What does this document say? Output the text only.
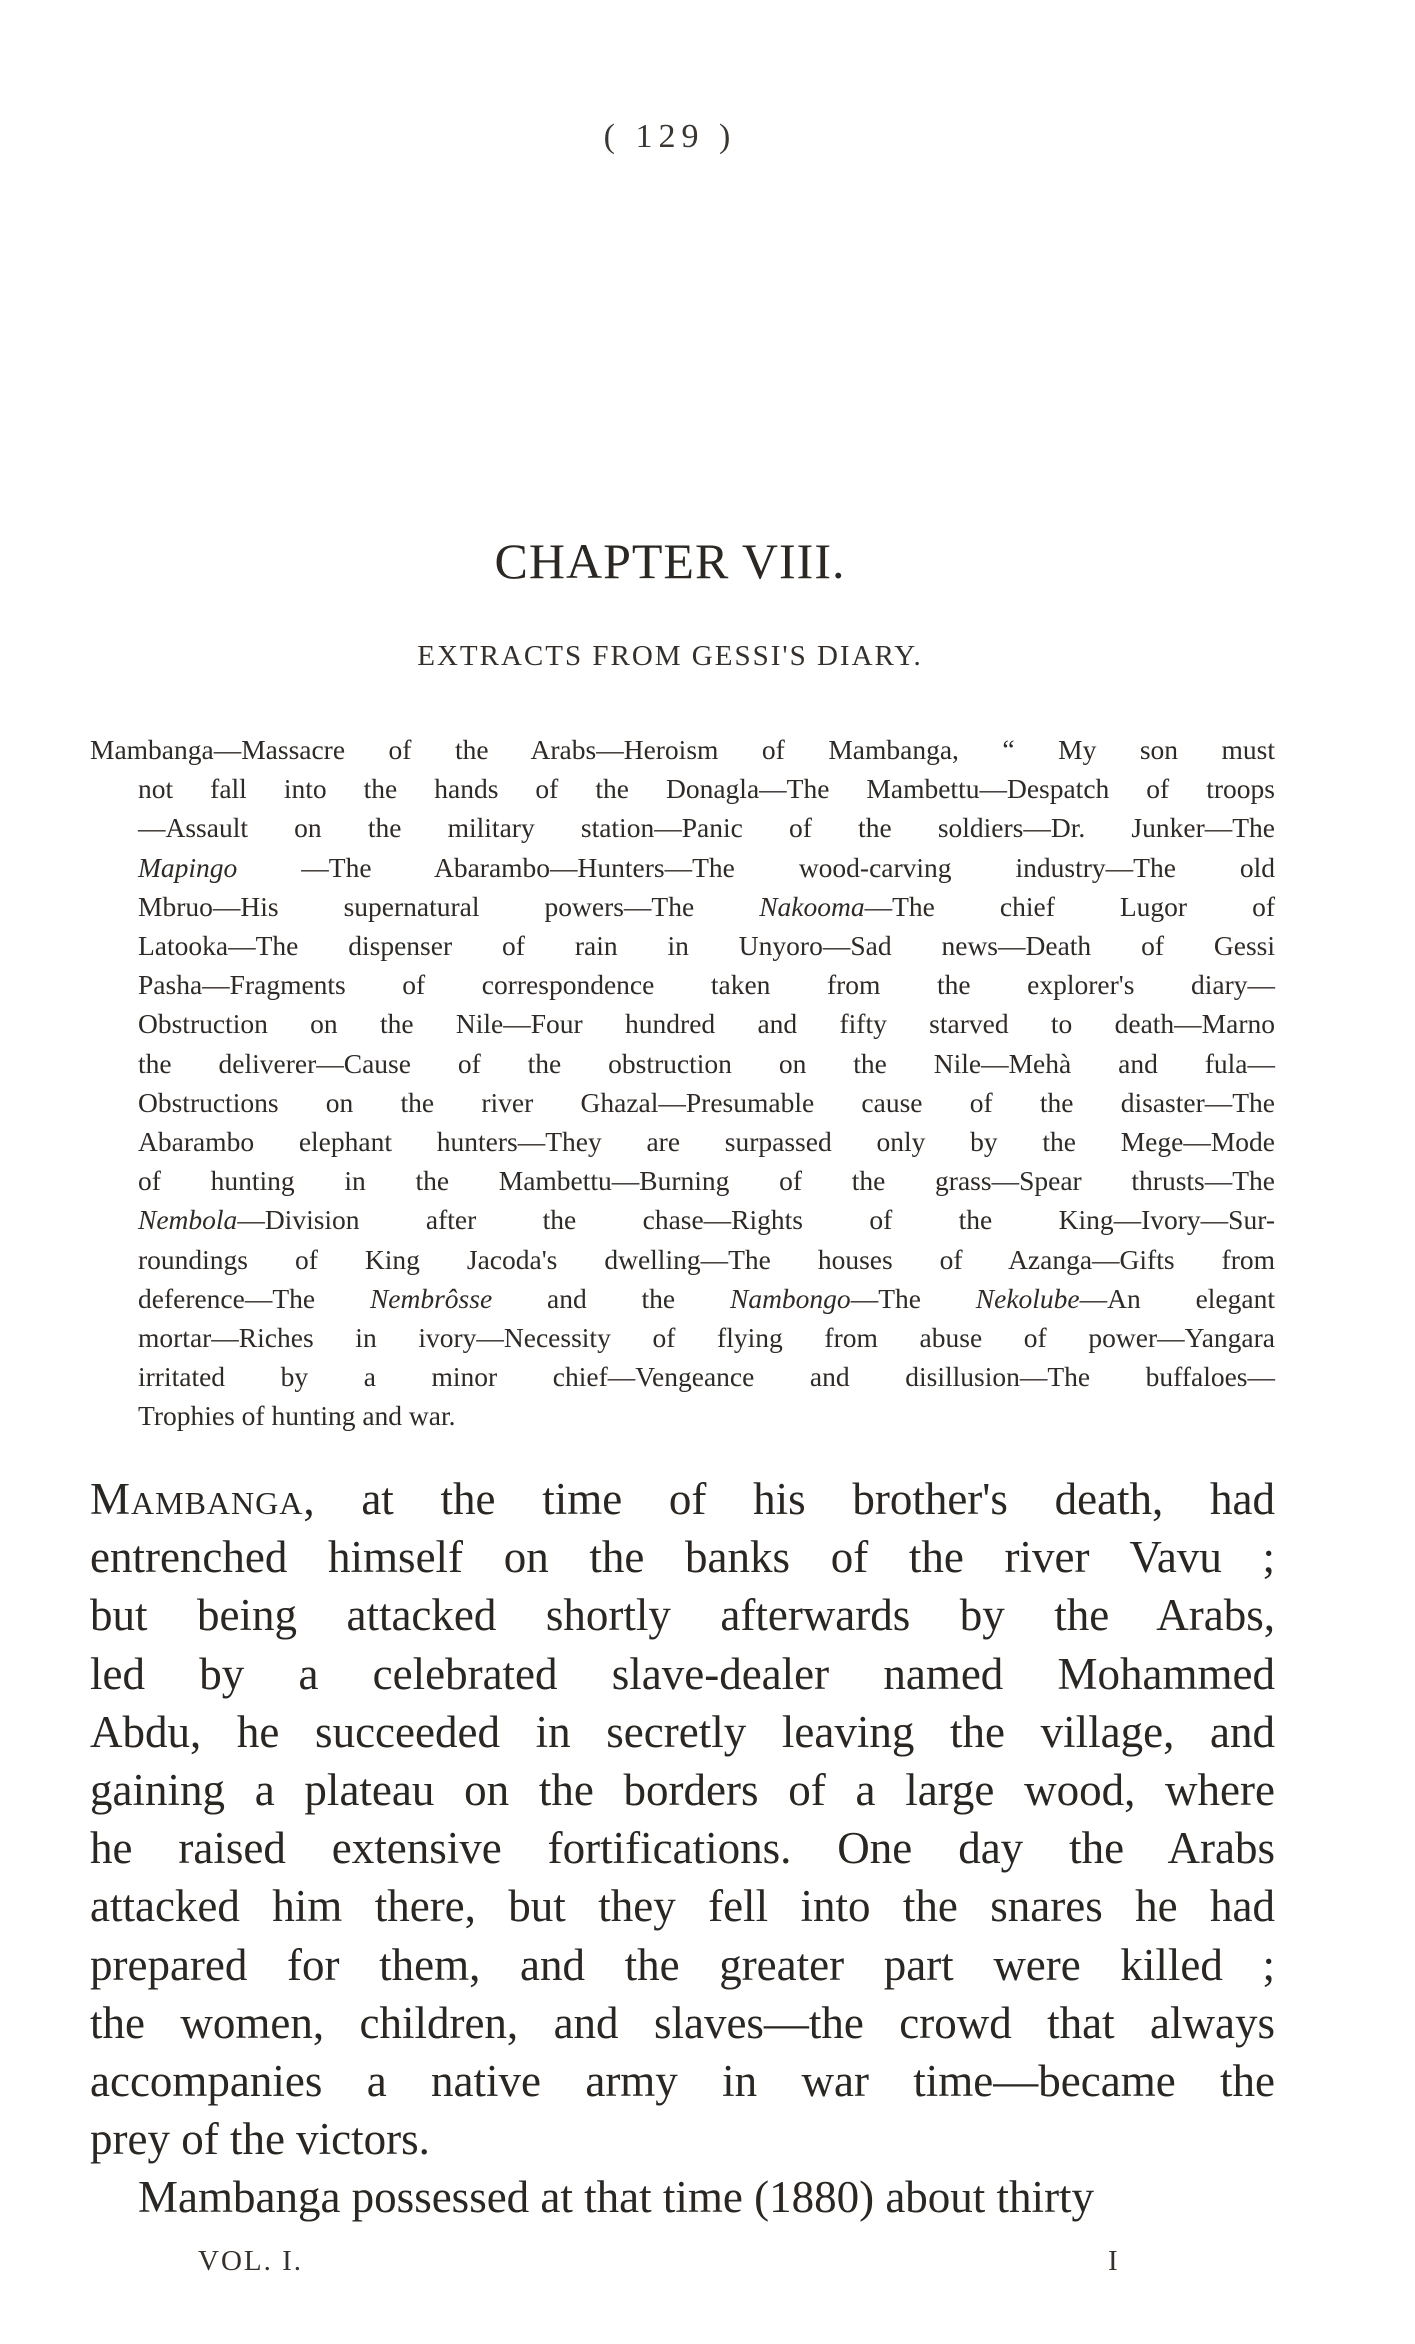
( 129 )
CHAPTER VIII.
EXTRACTS FROM GESSI'S DIARY.
Mambanga—Massacre of the Arabs—Heroism of Mambanga, “ My son must
not fall into the hands of the Donagla—The Mambettu—Despatch of troops
—Assault on the military station—Panic of the soldiers—Dr. Junker—The
Mapingo —The Abarambo—Hunters—The wood-carving industry—The old
Mbruo—His supernatural powers—The Nakooma—The chief Lugor of
Latooka—The dispenser of rain in Unyoro—Sad news—Death of Gessi
Pasha—Fragments of correspondence taken from the explorer's diary—
Obstruction on the Nile—Four hundred and fifty starved to death—Marno
the deliverer—Cause of the obstruction on the Nile—Mehà and fula—
Obstructions on the river Ghazal—Presumable cause of the disaster—The
Abarambo elephant hunters—They are surpassed only by the Mege—Mode
of hunting in the Mambettu—Burning of the grass—Spear thrusts—The
Nembola—Division after the chase—Rights of the King—Ivory—Sur-
roundings of King Jacoda's dwelling—The houses of Azanga—Gifts from
deference—The Nembrôsse and the Nambongo—The Nekolube—An elegant
mortar—Riches in ivory—Necessity of flying from abuse of power—Yangara
irritated by a minor chief—Vengeance and disillusion—The buffaloes—
Trophies of hunting and war.
Mambanga, at the time of his brother's death, had
entrenched himself on the banks of the river Vavu ;
but being attacked shortly afterwards by the Arabs,
led by a celebrated slave-dealer named Mohammed
Abdu, he succeeded in secretly leaving the village, and
gaining a plateau on the borders of a large wood, where
he raised extensive fortifications. One day the Arabs
attacked him there, but they fell into the snares he had
prepared for them, and the greater part were killed ;
the women, children, and slaves—the crowd that always
accompanies a native army in war time—became the
prey of the victors.
Mambanga possessed at that time (1880) about thirty
VOL. I.	I
